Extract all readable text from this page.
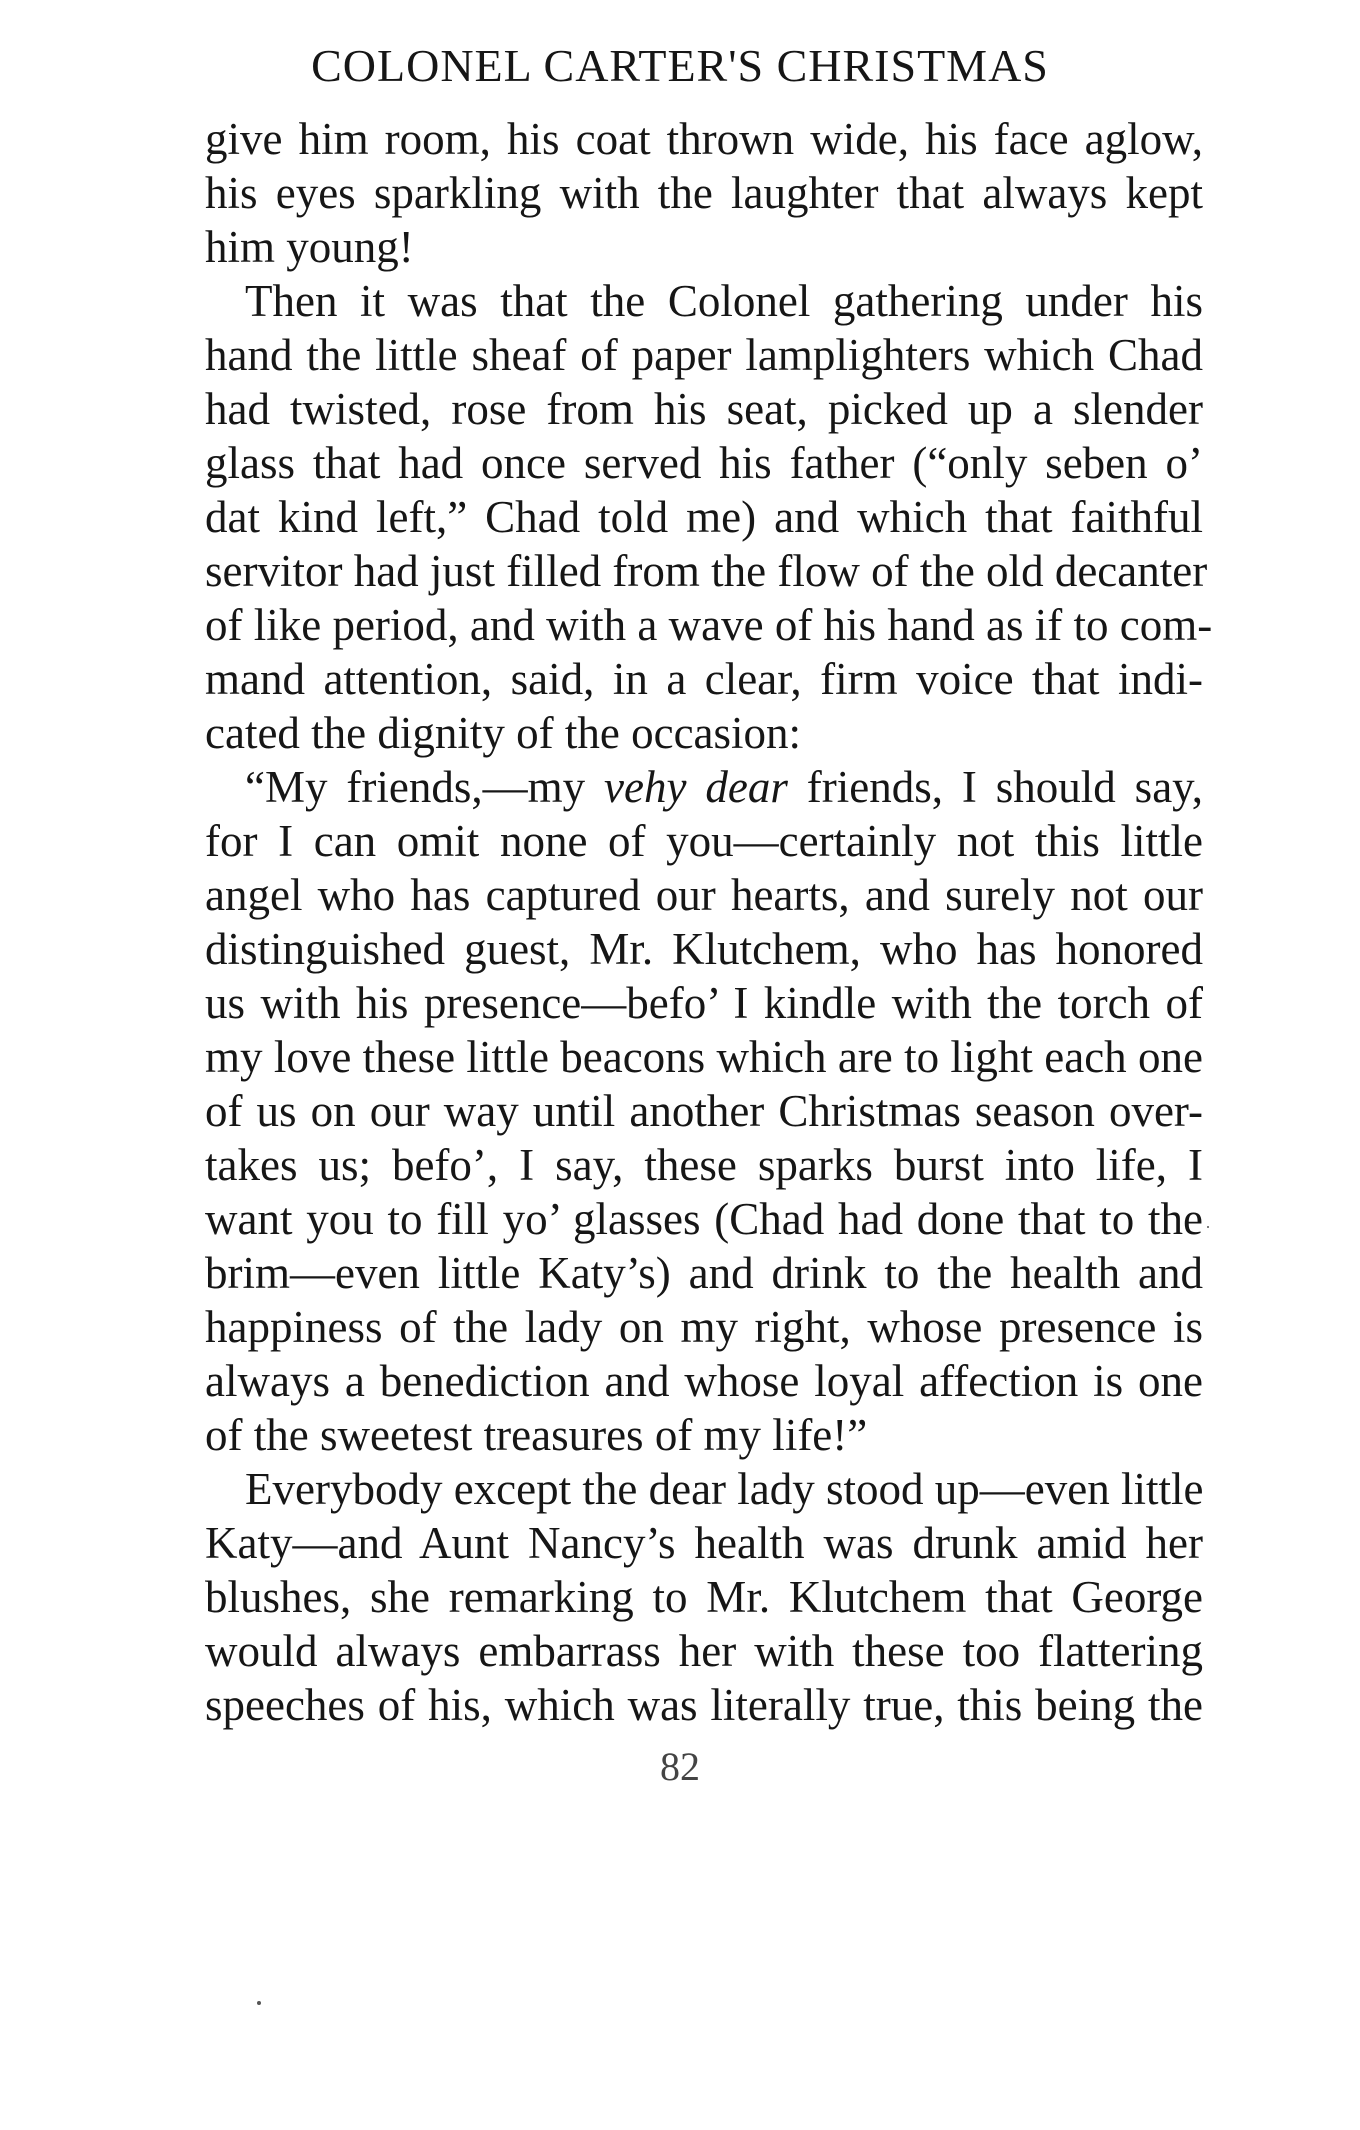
COLONEL CARTER'S CHRISTMAS
give him room, his coat thrown wide, his face aglow,
his eyes sparkling with the laughter that always kept
him young!
Then it was that the Colonel gathering under his
hand the little sheaf of paper lamplighters which Chad
had twisted, rose from his seat, picked up a slender
glass that had once served his father (“only seben o’
dat kind left,” Chad told me) and which that faithful
servitor had just filled from the flow of the old decanter
of like period, and with a wave of his hand as if to com-
mand attention, said, in a clear, firm voice that indi-
cated the dignity of the occasion:
“My friends,—my vehy dear friends, I should say,
for I can omit none of you—certainly not this little
angel who has captured our hearts, and surely not our
distinguished guest, Mr. Klutchem, who has honored
us with his presence—befo’ I kindle with the torch of
my love these little beacons which are to light each one
of us on our way until another Christmas season over-
takes us; befo’, I say, these sparks burst into life, I
want you to fill yo’ glasses (Chad had done that to the
brim—even little Katy’s) and drink to the health and
happiness of the lady on my right, whose presence is
always a benediction and whose loyal affection is one
of the sweetest treasures of my life!”
Everybody except the dear lady stood up—even little
Katy—and Aunt Nancy’s health was drunk amid her
blushes, she remarking to Mr. Klutchem that George
would always embarrass her with these too flattering
speeches of his, which was literally true, this being the
82
